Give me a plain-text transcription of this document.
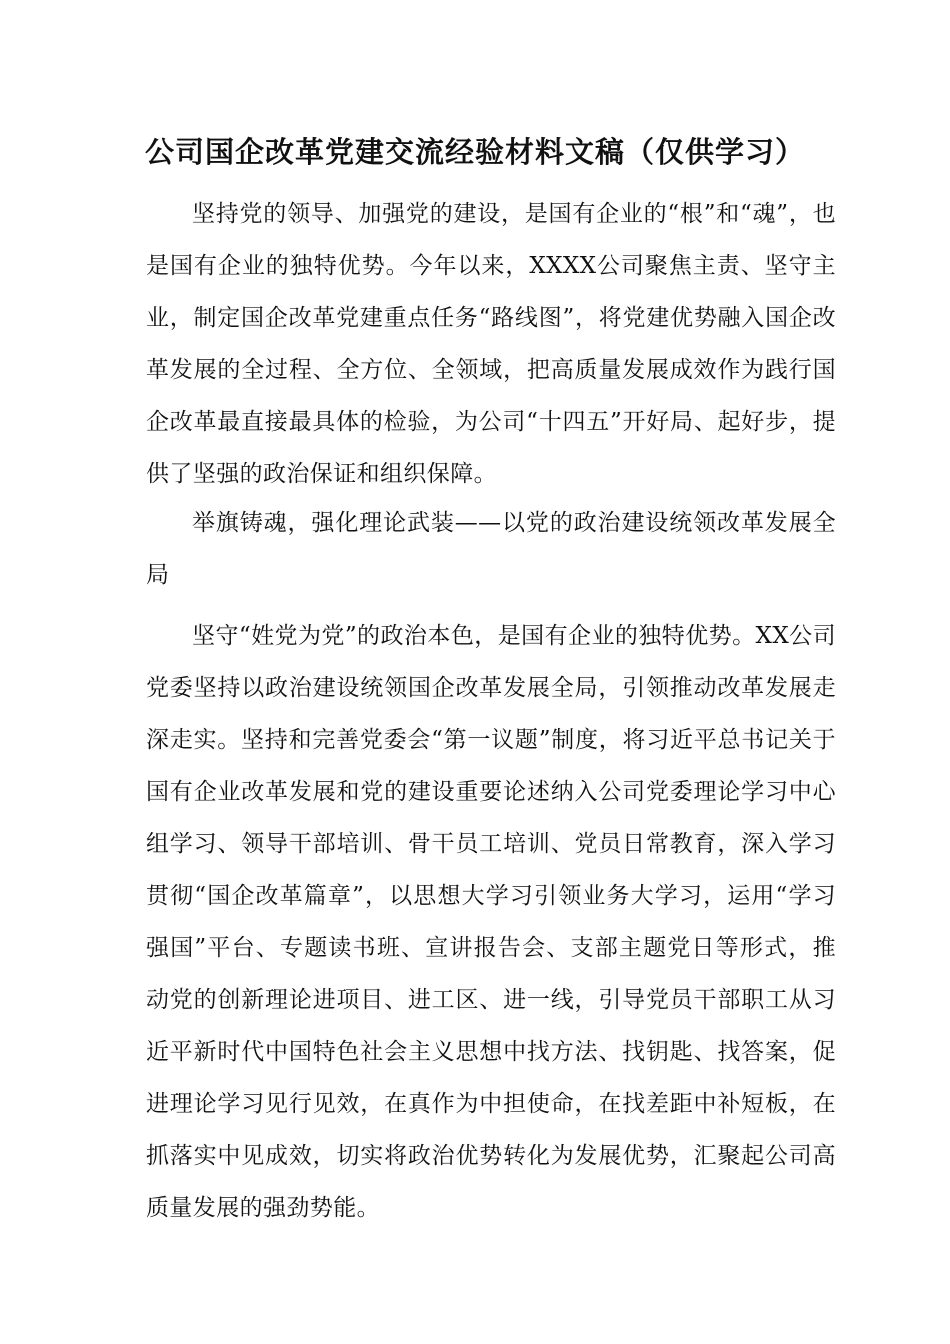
公司国企改革党建交流经验材料文稿（仅供学习）

坚持党的领导、加强党的建设，是国有企业的“根”和“魂”，也是国有企业的独特优势。今年以来，XXXX公司聚焦主责、坚守主业，制定国企改革党建重点任务“路线图”，将党建优势融入国企改革发展的全过程、全方位、全领域，把高质量发展成效作为践行国企改革最直接最具体的检验，为公司“十四五”开好局、起好步，提供了坚强的政治保证和组织保障。

举旗铸魂，强化理论武装——以党的政治建设统领改革发展全局

坚守“姓党为党”的政治本色，是国有企业的独特优势。XX公司党委坚持以政治建设统领国企改革发展全局，引领推动改革发展走深走实。坚持和完善党委会“第一议题”制度，将习近平总书记关于国有企业改革发展和党的建设重要论述纳入公司党委理论学习中心组学习、领导干部培训、骨干员工培训、党员日常教育，深入学习贯彻“国企改革篇章”，以思想大学习引领业务大学习，运用“学习强国”平台、专题读书班、宣讲报告会、支部主题党日等形式，推动党的创新理论进项目、进工区、进一线，引导党员干部职工从习近平新时代中国特色社会主义思想中找方法、找钥匙、找答案，促进理论学习见行见效，在真作为中担使命，在找差距中补短板，在抓落实中见成效，切实将政治优势转化为发展优势，汇聚起公司高质量发展的强劲势能。
